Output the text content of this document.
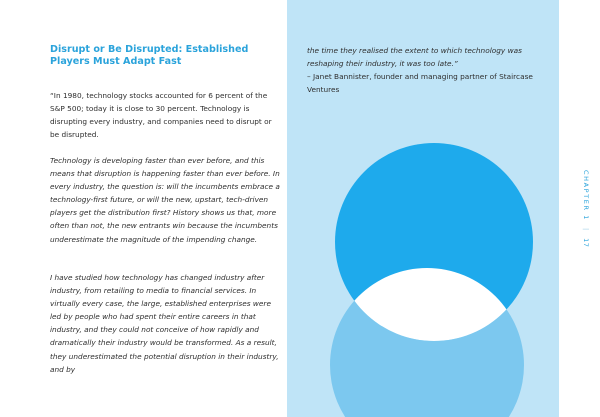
the time they realised the extent to which technology was reshaping their industry, it was too late.”

– Janet Bannister, founder and managing partner of Staircase Ventures

Disrupt or Be Disrupted: Established Players Must Adapt Fast

“In 1980, technology stocks accounted for 6 percent of the S&P 500; today it is close to 30 percent. Technology is disrupting every industry, and companies need to disrupt or be disrupted.

Technology is developing faster than ever before, and this means that disruption is happening faster than ever before. In every industry, the question is: will the incumbents embrace a technology-first future, or will the new, upstart, tech-driven players get the distribution first? History shows us that, more often than not, the new entrants win because the incumbents underestimate the magnitude of the impending change.

I have studied how technology has changed industry after industry, from retailing to media to financial services. In virtually every case, the large, established enterprises were led by people who had spent their entire careers in that industry, and they could not conceive of how rapidly and dramatically their industry would be transformed. As a result, they underestimated the potential disruption in their industry, and by

CHAPTER 1 | 17
